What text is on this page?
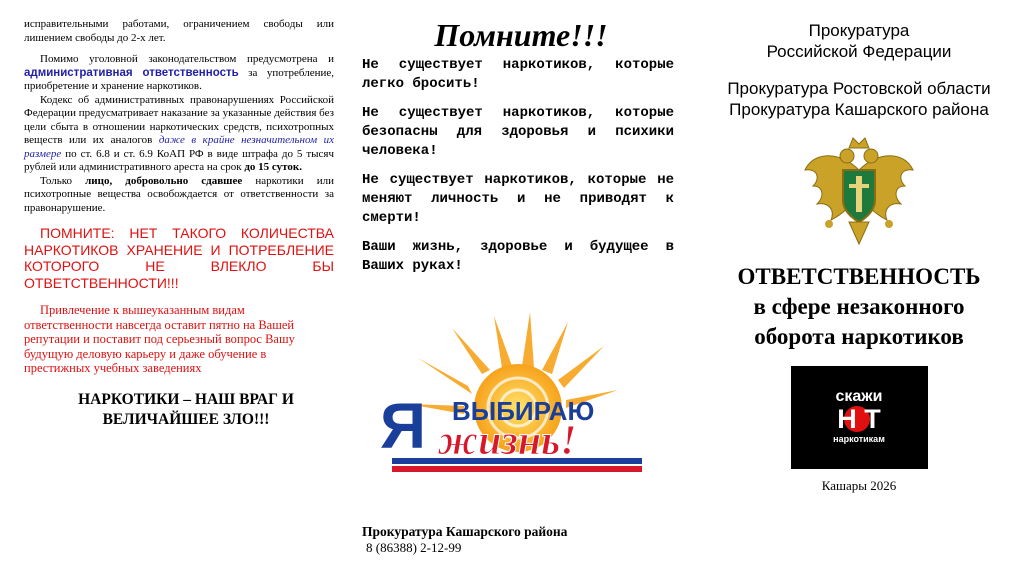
исправительными работами, ограничением свободы или лишением свободы до 2-х лет.

Помимо уголовной законодательством предусмотрена и административная ответственность за употребление, приобретение и хранение наркотиков.

Кодекс об административных правонарушениях Российской Федерации предусматривает наказание за указанные действия без цели сбыта в отношении наркотических средств, психотропных веществ или их аналогов даже в крайне незначительном их размере по ст. 6.8 и ст. 6.9 КоАП РФ в виде штрафа до 5 тысяч рублей или административного ареста на срок до 15 суток.

Только лицо, добровольно сдавшее наркотики или психотропные вещества освобождается от ответственности за правонарушение.

ПОМНИТЕ: НЕТ ТАКОГО КОЛИЧЕСТВА НАРКОТИКОВ ХРАНЕНИЕ И ПОТРЕБЛЕНИЕ КОТОРОГО НЕ ВЛЕКЛО БЫ ОТВЕТСТВЕННОСТИ!!!

Привлечение к вышеуказанным видам ответственности навсегда оставит пятно на Вашей репутации и поставит под серьезный вопрос Вашу будущую деловую карьеру и даже обучение в престижных учебных заведениях

НАРКОТИКИ – НАШ ВРАГ И
ВЕЛИЧАЙШЕЕ ЗЛО!!!
Помните!!!

Не существует наркотиков, которые легко бросить!

Не существует наркотиков, которые безопасны для здоровья и психики человека!

Не существует наркотиков, которые не меняют личность и не приводят к смерти!

Ваши жизнь, здоровье и будущее в Ваших руках!

Я ВЫБИРАЮ
жизнь!
Прокуратура Кашарского района
8 (86388) 2-12-99

Прокуратура

Российской Федерации

Прокуратура Ростовской области

Прокуратура Кашарского района

ОТВЕТСТВЕННОСТЬ
в сфере незаконного
оборота наркотиков
скажи
Н Т
наркотикам
Кашары 2026
